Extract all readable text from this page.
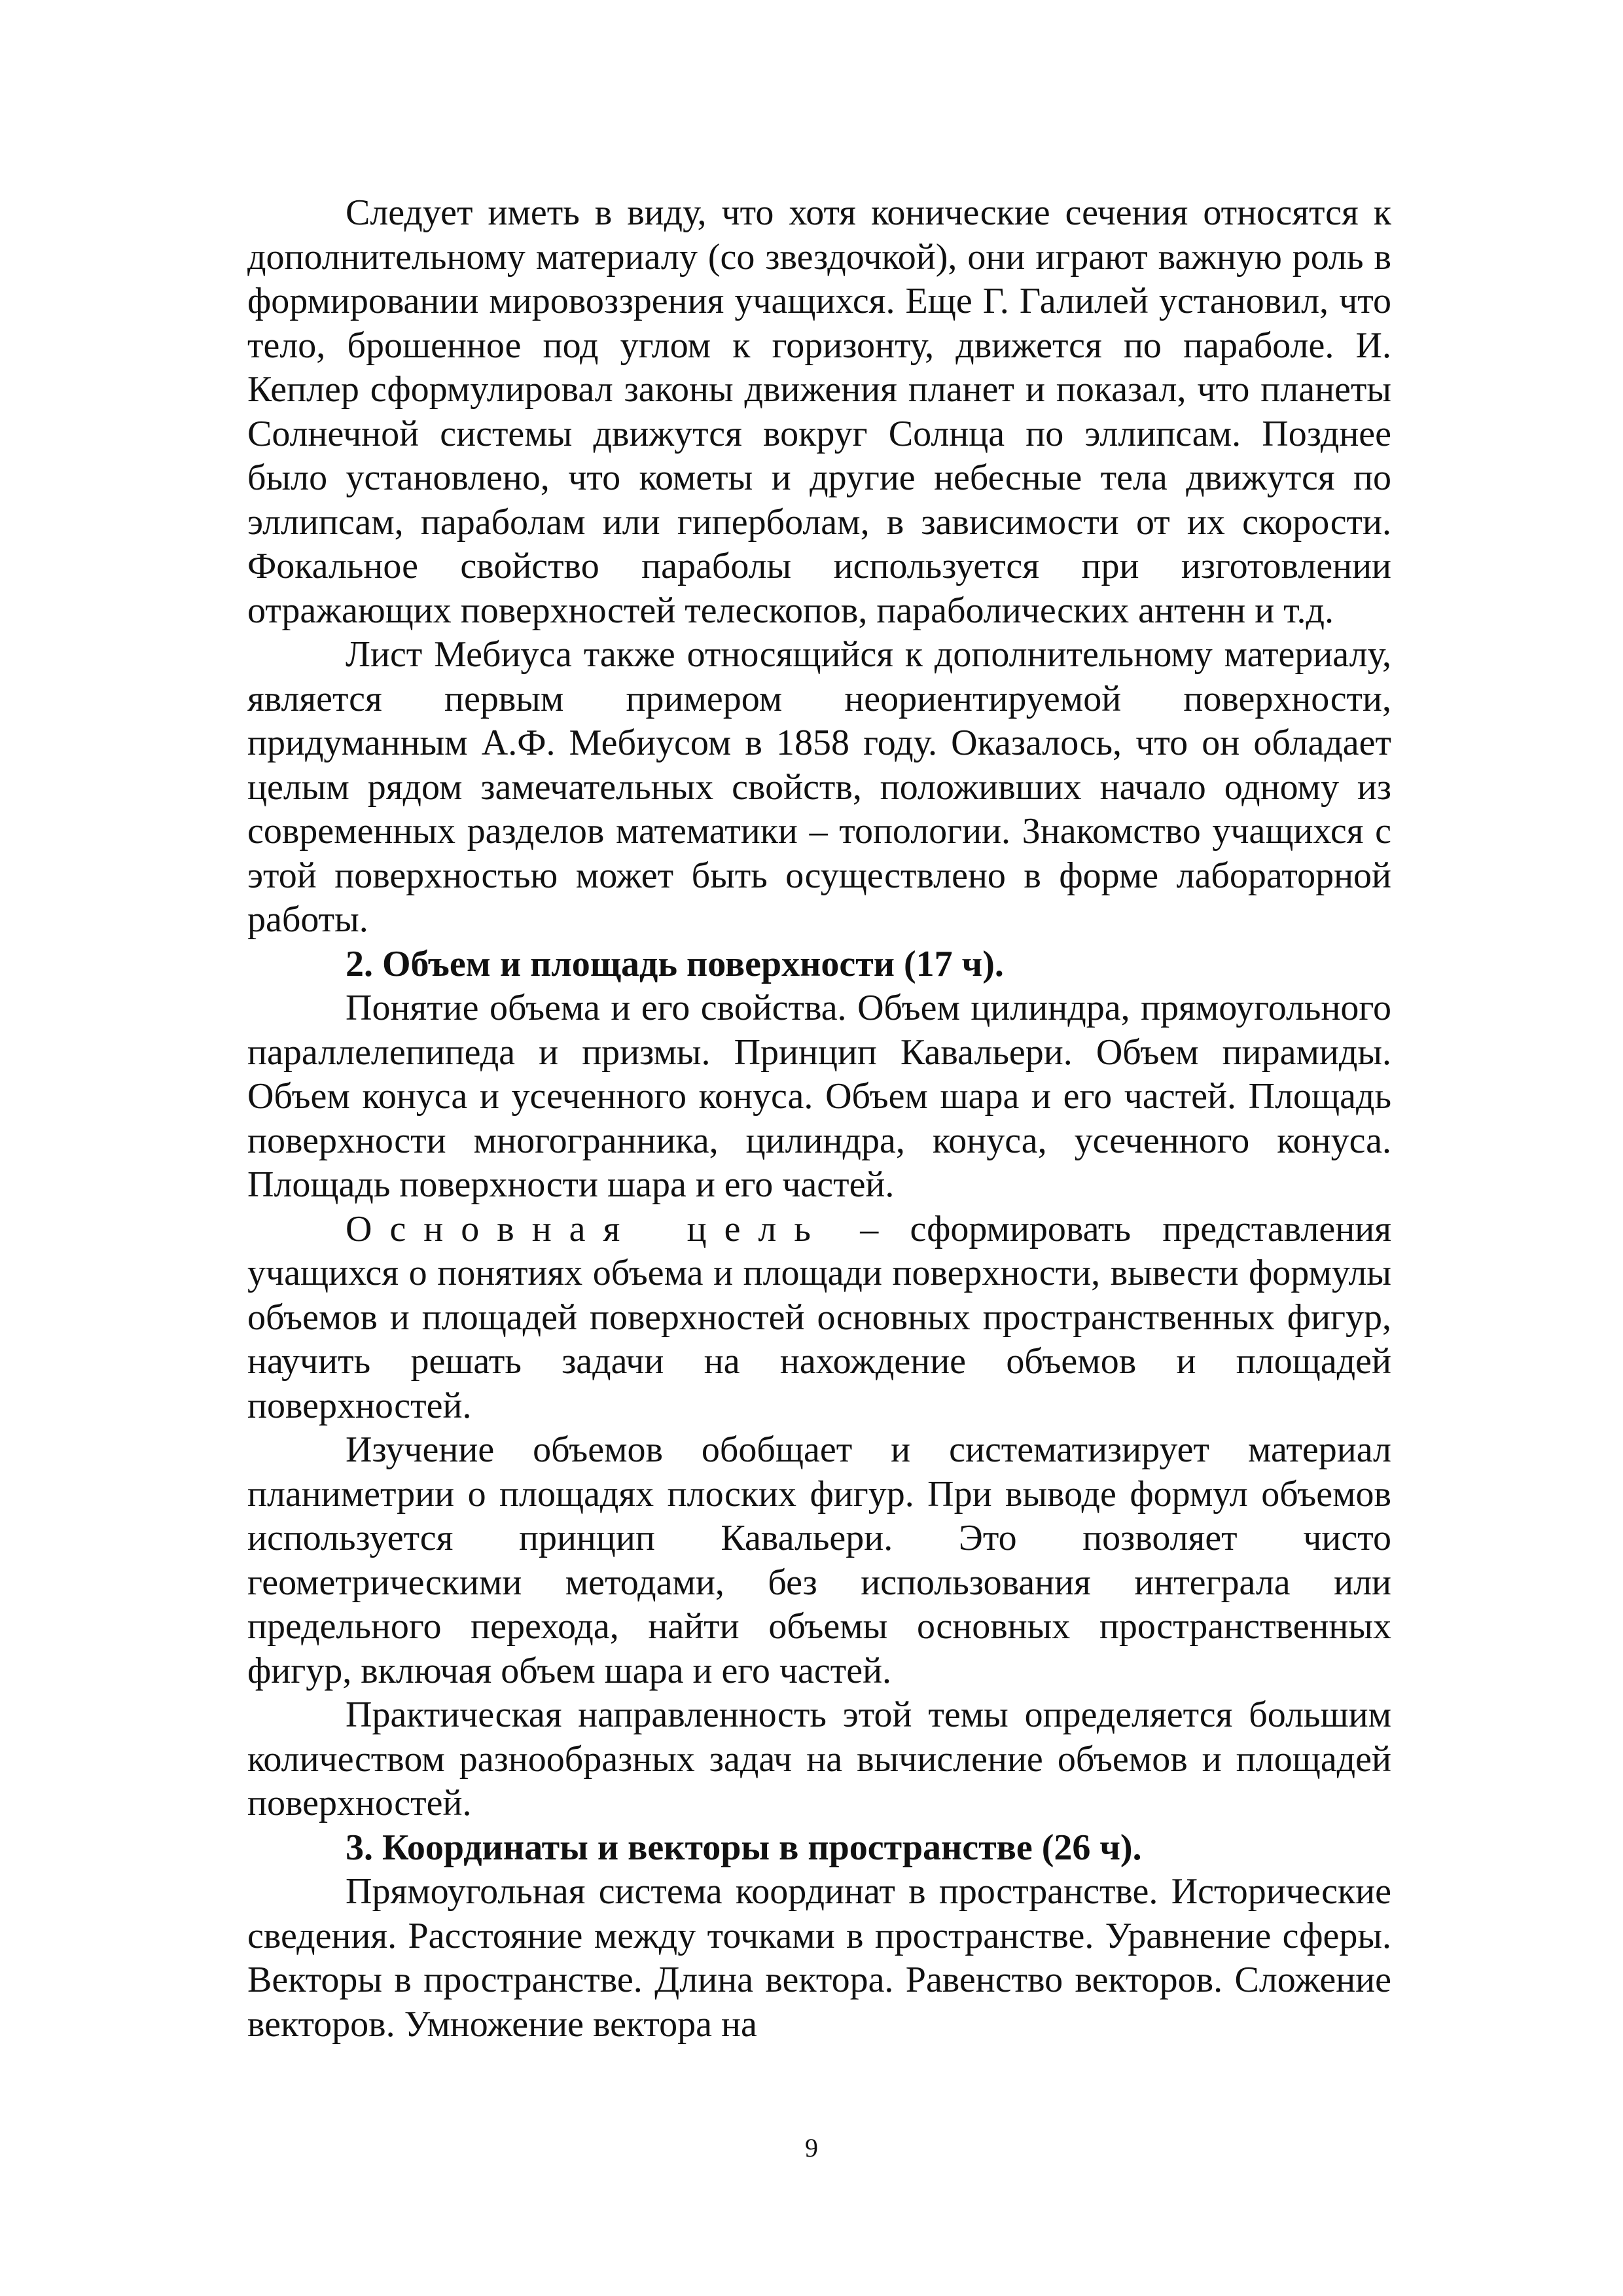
Следует иметь в виду, что хотя конические сечения относятся к дополнительному материалу (со звездочкой), они играют важную роль в формировании мировоззрения учащихся. Еще Г. Галилей установил, что тело, брошенное под углом к горизонту, движется по параболе. И. Кеплер сформулировал законы движения планет и показал, что планеты Солнечной системы движутся вокруг Солнца по эллипсам. Позднее было установлено, что кометы и другие небесные тела движутся по эллипсам, параболам или гиперболам, в зависимости от их скорости. Фокальное свойство параболы используется при изготовлении отражающих поверхностей телескопов, параболических антенн и т.д.

Лист Мебиуса также относящийся к дополнительному материалу, является первым примером неориентируемой поверхности, придуманным А.Ф. Мебиусом в 1858 году. Оказалось, что он обладает целым рядом замечательных свойств, положивших начало одному из современных разделов математики – топологии. Знакомство учащихся с этой поверхностью может быть осуществлено в форме лабораторной работы.

2. Объем и площадь поверхности (17 ч).

Понятие объема и его свойства. Объем цилиндра, прямоугольного параллелепипеда и призмы. Принцип Кавальери. Объем пирамиды. Объем конуса и усеченного конуса. Объем шара и его частей. Площадь поверхности многогранника, цилиндра, конуса, усеченного конуса. Площадь поверхности шара и его частей.

Основная цель – сформировать представления учащихся о понятиях объема и площади поверхности, вывести формулы объемов и площадей поверхностей основных пространственных фигур, научить решать задачи на нахождение объемов и площадей поверхностей.

Изучение объемов обобщает и систематизирует материал планиметрии о площадях плоских фигур. При выводе формул объемов используется принцип Кавальери. Это позволяет чисто геометрическими методами, без использования интеграла или предельного перехода, найти объемы основных пространственных фигур, включая объем шара и его частей.

Практическая направленность этой темы определяется большим количеством разнообразных задач на вычисление объемов и площадей поверхностей.

3. Координаты и векторы в пространстве (26 ч).

Прямоугольная система координат в пространстве. Исторические сведения. Расстояние между точками в пространстве. Уравнение сферы. Векторы в пространстве. Длина вектора. Равенство векторов. Сложение векторов. Умножение вектора на

9
